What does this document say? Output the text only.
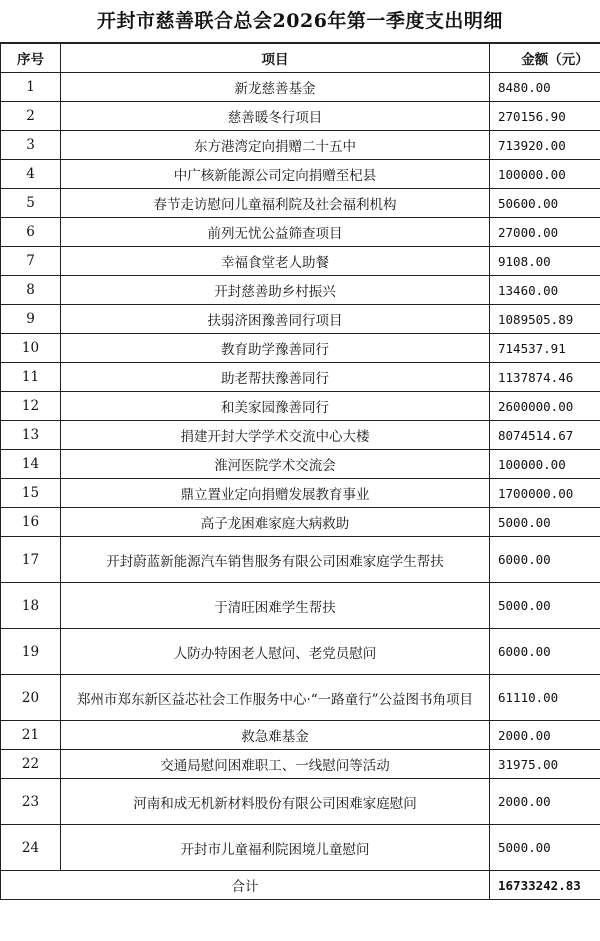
开封市慈善联合总会2026年第一季度支出明细
序号	项目	金额（元）
1	新龙慈善基金	8480.00
2	慈善暖冬行项目	270156.90
3	东方港湾定向捐赠二十五中	713920.00
4	中广核新能源公司定向捐赠至杞县	100000.00
5	春节走访慰问儿童福利院及社会福利机构	50600.00
6	前列无忧公益筛查项目	27000.00
7	幸福食堂老人助餐	9108.00
8	开封慈善助乡村振兴	13460.00
9	扶弱济困豫善同行项目	1089505.89
10	教育助学豫善同行	714537.91
11	助老帮扶豫善同行	1137874.46
12	和美家园豫善同行	2600000.00
13	捐建开封大学学术交流中心大楼	8074514.67
14	淮河医院学术交流会	100000.00
15	鼎立置业定向捐赠发展教育事业	1700000.00
16	高子龙困难家庭大病救助	5000.00
17	开封蔚蓝新能源汽车销售服务有限公司困难家庭学生帮扶	6000.00
18	于清旺困难学生帮扶	5000.00
19	人防办特困老人慰问、老党员慰问	6000.00
20	郑州市郑东新区益芯社会工作服务中心·“一路童行”公益图书角项目	61110.00
21	救急难基金	2000.00
22	交通局慰问困难职工、一线慰问等活动	31975.00
23	河南和成无机新材料股份有限公司困难家庭慰问	2000.00
24	开封市儿童福利院困境儿童慰问	5000.00
合计		16733242.83
